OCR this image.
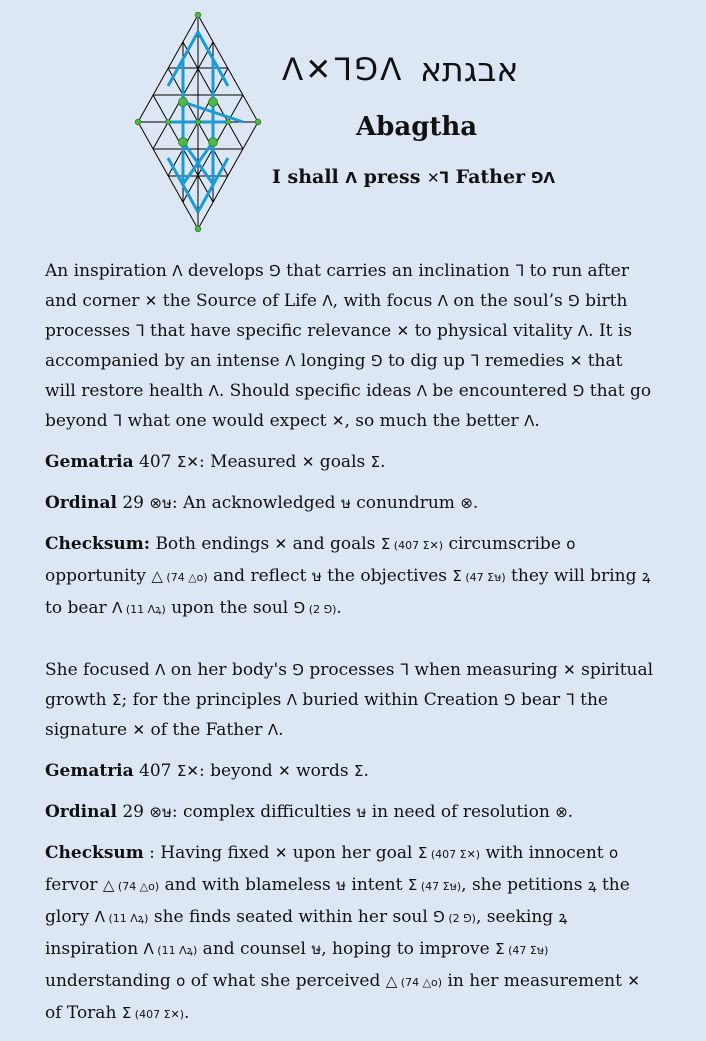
ⴷ✕ᒣ⅁ⴷ אבגתא
Abagtha
I shall ⴷ press ✕ᒣ Father ⅁ⴷ

An inspiration ⴷ develops ⅁ that carries an inclination ᒣ to run after and corner ✕ the Source of Life ⴷ, with focus ⴷ on the soul’s ⅁ birth processes ᒣ that have specific relevance ✕ to physical vitality ⴷ. It is accompanied by an intense ⴷ longing ⅁ to dig up ᒣ remedies ✕ that will restore health ⴷ. Should specific ideas ⴷ be encountered ⅁ that go beyond ᒣ what one would expect ✕, so much the better ⴷ.

Gematria 407 Ʃ✕: Measured ✕ goals Ʃ.

Ordinal 29 ⊗ษ: An acknowledged ษ conundrum ⊗.

Checksum: Both endings ✕ and goals Ʃ (407 Ʃ✕) circumscribe ᴏ opportunity △ (74 △ᴏ) and reflect ษ the objectives Ʃ (47 Ʃษ) they will bring ꝝ to bear ⴷ (11 ⴷꝝ) upon the soul ⅁ (2 ⅁).

She focused ⴷ on her body's ⅁ processes ᒣ when measuring ✕ spiritual growth Ʃ; for the principles ⴷ buried within Creation ⅁ bear ᒣ the signature ✕ of the Father ⴷ.

Gematria 407 Ʃ✕: beyond ✕ words Ʃ.

Ordinal 29 ⊗ษ: complex difficulties ษ in need of resolution ⊗.

Checksum : Having fixed ✕ upon her goal Ʃ (407 Ʃ✕) with innocent ᴏ fervor △ (74 △ᴏ) and with blameless ษ intent Ʃ (47 Ʃษ), she petitions ꝝ the glory ⴷ (11 ⴷꝝ) she finds seated within her soul ⅁ (2 ⅁), seeking ꝝ inspiration ⴷ (11 ⴷꝝ) and counsel ษ, hoping to improve Ʃ (47 Ʃษ) understanding ᴏ of what she perceived △ (74 △ᴏ) in her measurement ✕ of Torah Ʃ (407 Ʃ✕).
